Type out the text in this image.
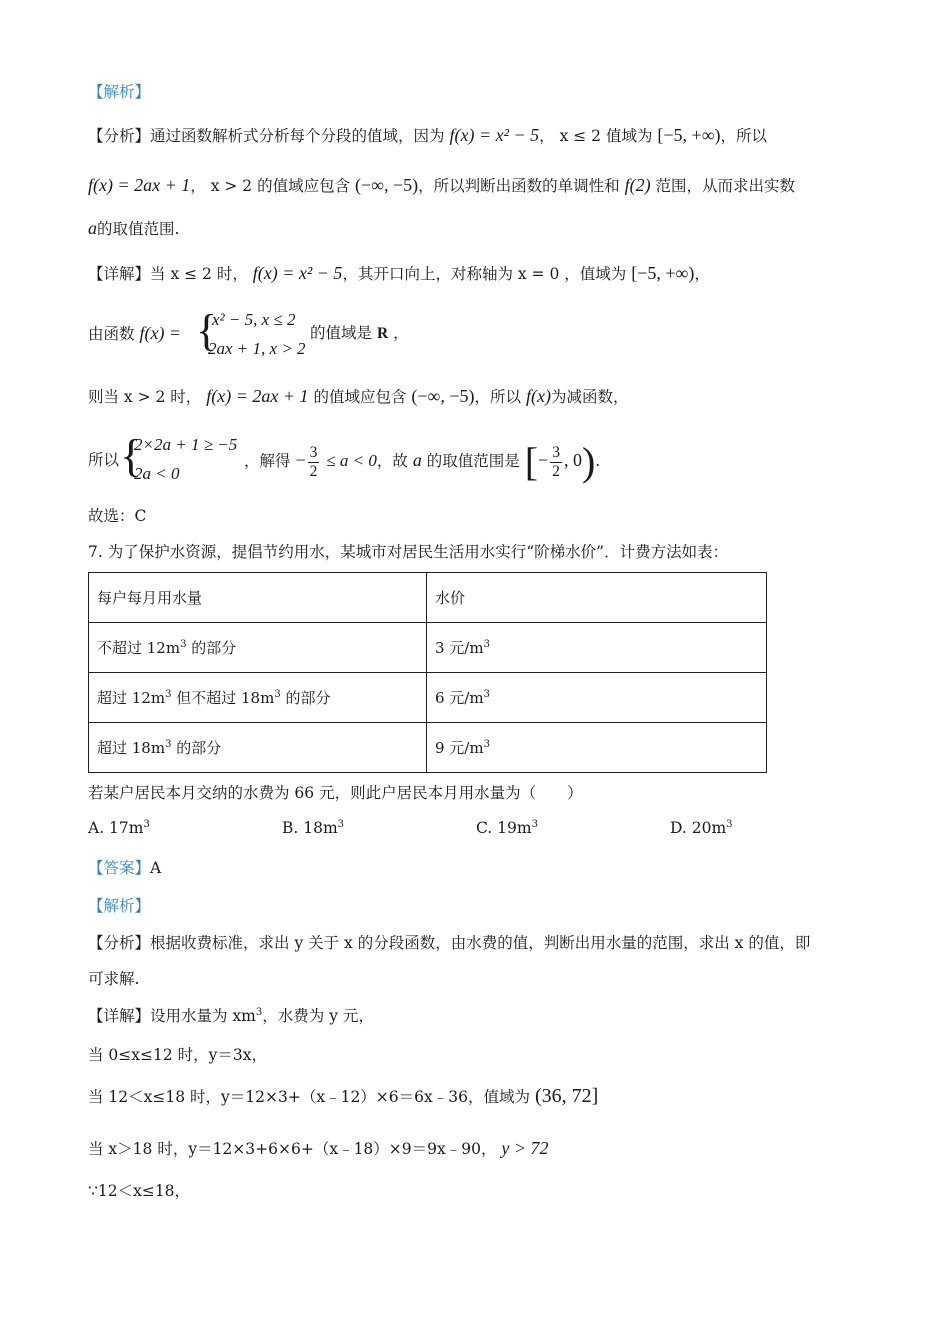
【解析】
【分析】通过函数解析式分析每个分段的值域，因为 f(x) = x² − 5， x ≤ 2 值域为 [−5, +∞)，所以
f(x) = 2ax + 1， x > 2 的值域应包含 (−∞, −5)，所以判断出函数的单调性和 f(2) 范围，从而求出实数
a的取值范围.
【详解】当 x ≤ 2 时， f(x) = x² − 5，其开口向上，对称轴为 x = 0 ，值域为 [−5, +∞)，
由函数 f(x) = {
x² − 5, x ≤ 2
2ax + 1, x > 2
的值域是 R ，
则当 x > 2 时， f(x) = 2ax + 1 的值域应包含 (−∞, −5)，所以 f(x)为减函数，
所以 {
2×2a + 1 ≥ −5
2a < 0
，解得 − $\frac{3}{2} \le a < 0$，故 a 的取值范围是 [− $\frac{3}{2}$ , 0).
故选：C
7. 为了保护水资源，提倡节约用水，某城市对居民生活用水实行“阶梯水价”．计费方法如表：
每户每月用水量	水价
不超过 $12m^3$ 的部分	3 元$/m^3$
超过 $12m^3$ 但不超过 $18m^3$ 的部分	6 元$/m^3$
超过 $18m^3$ 的部分	9 元$/m^3$
若某户居民本月交纳的水费为 66 元，则此户居民本月用水量为（　　）
A. $17m^3$	B. $18m^3$	C. $19m^3$	D. $20m^3$
【答案】A
【解析】
【分析】根据收费标准，求出 y 关于 x 的分段函数，由水费的值，判断出用水量的范围，求出 x 的值，即
可求解.
【详解】设用水量为 $xm^3$，水费为 y 元，
当 0≤x≤12 时，y＝3x，
当 12＜x≤18 时，y＝12×3+（x﹣12）×6＝6x﹣36，值域为 (36, 72]
当 x＞18 时，y＝12×3+6×6+（x﹣18）×9＝9x﹣90， y > 72
∵12＜x≤18，
